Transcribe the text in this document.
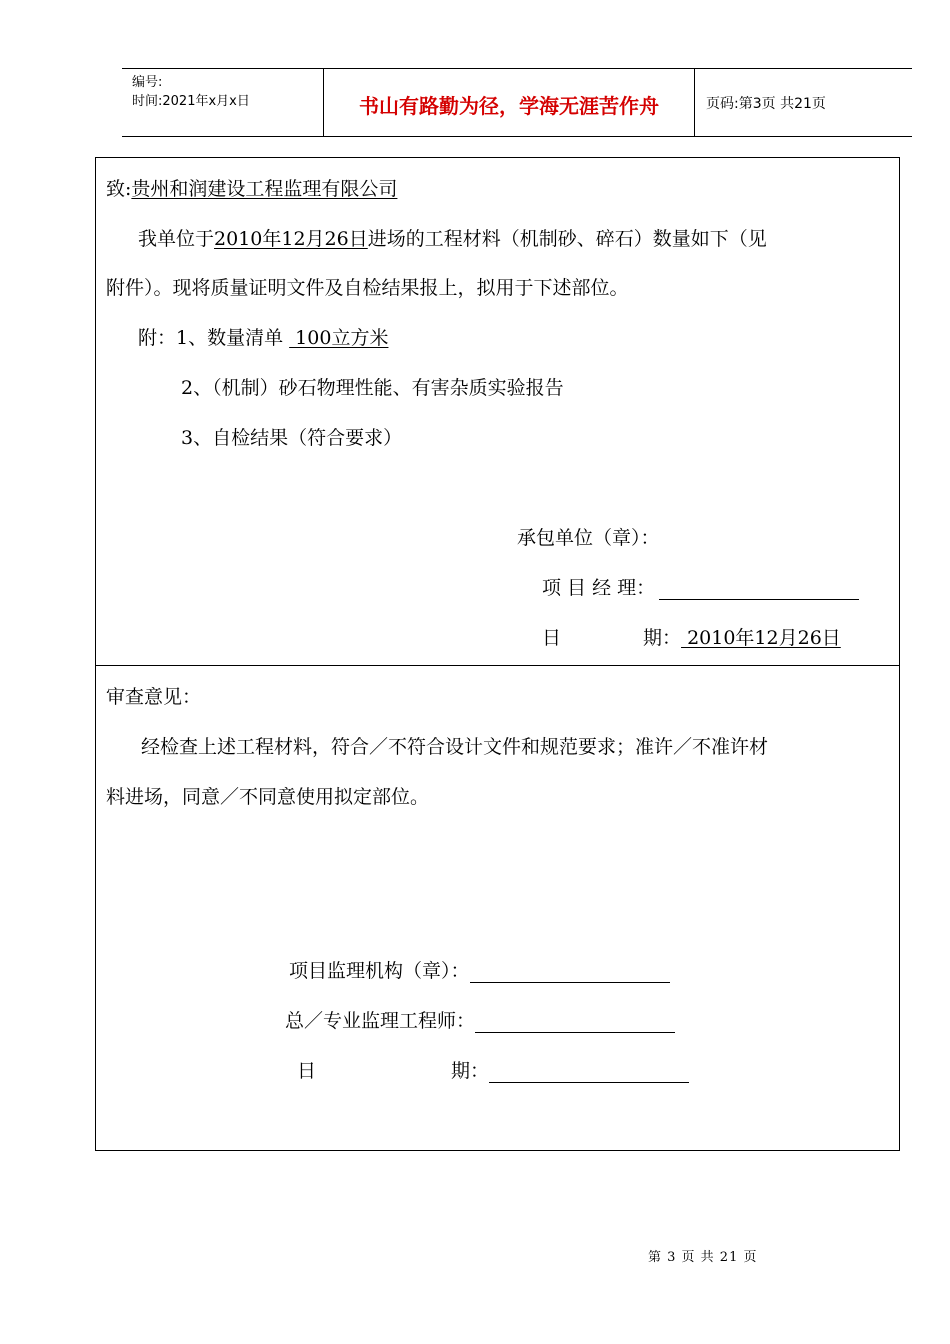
编号:
时间:2021年x月x日	书山有路勤为径，学海无涯苦作舟	页码:第3页 共21页
致:贵州和润建设工程监理有限公司
我单位于2010年12月26日进场的工程材料（机制砂、碎石）数量如下（见
附件）。现将质量证明文件及自检结果报上，拟用于下述部位。
附：1、数量清单  100立方米
2、（机制）砂石物理性能、有害杂质实验报告
3、自检结果（符合要求）
承包单位（章）：
项 目 经 理：
日	期： 2010年12月26日
审查意见：
经检查上述工程材料，符合／不符合设计文件和规范要求；准许／不准许材
料进场，同意／不同意使用拟定部位。
项目监理机构（章）：
总／专业监理工程师：
日	期：
第 3 页 共 21 页
